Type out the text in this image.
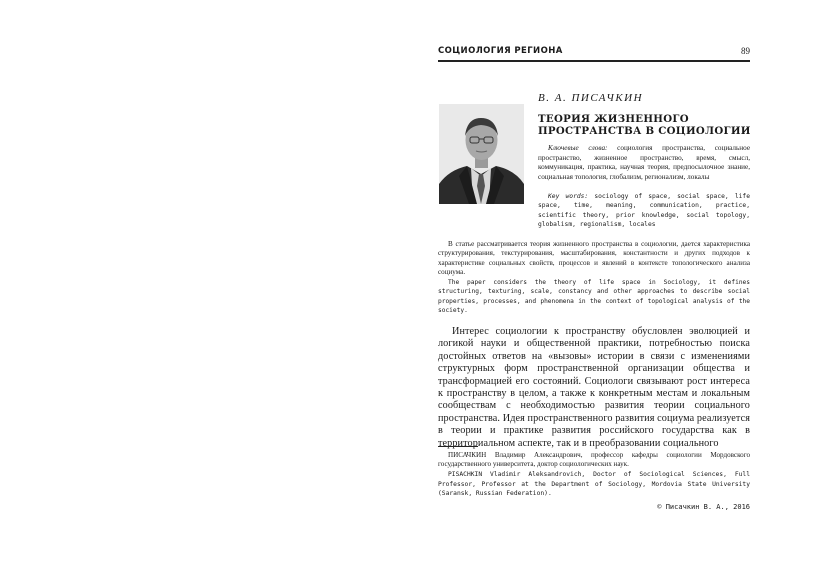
СОЦИОЛОГИЯ РЕГИОНА	89
В. А. ПИСАЧКИН
ТЕОРИЯ ЖИЗНЕННОГО ПРОСТРАНСТВА В СОЦИОЛОГИИ
Ключевые слова: социология пространства, социальное пространство, жизненное пространство, время, смысл, коммуникация, практика, научная теория, предпосылочное знание, социальная топология, глобализм, регионализм, локалы
Key words: sociology of space, social space, life space, time, meaning, communication, practice, scientific theory, prior knowledge, social topology, globalism, regionalism, locales
В статье рассматривается теория жизненного пространства в социологии, дается характеристика структурирования, текстурирования, масштабирования, константности и других подходов к характеристике социальных свойств, процессов и явлений в контексте топологического анализа социума.
The paper considers the theory of life space in Sociology, it defines structuring, texturing, scale, constancy and other approaches to describe social properties, processes, and phenomena in the context of topological analysis of the society.
Интерес социологии к пространству обусловлен эволюцией и логикой науки и общественной практики, потребностью поиска достойных ответов на «вызовы» истории в связи с изменениями структурных форм пространственной организации общества и трансформацией его состояний. Социологи связывают рост интереса к пространству в целом, а также к конкретным местам и локальным сообществам с необходимостью развития теории социального пространства. Идея пространственного развития социума реализуется в теории и практике развития российского государства как в территориальном аспекте, так и в преобразовании социального
ПИСАЧКИН Владимир Александрович, профессор кафедры социологии Мордовского государственного университета, доктор социологических наук.
PISACHKIN Vladimir Aleksandrovich, Doctor of Sociological Sciences, Full Professor, Professor at the Department of Sociology, Mordovia State University (Saransk, Russian Federation).
© Писачкин В. А., 2016
